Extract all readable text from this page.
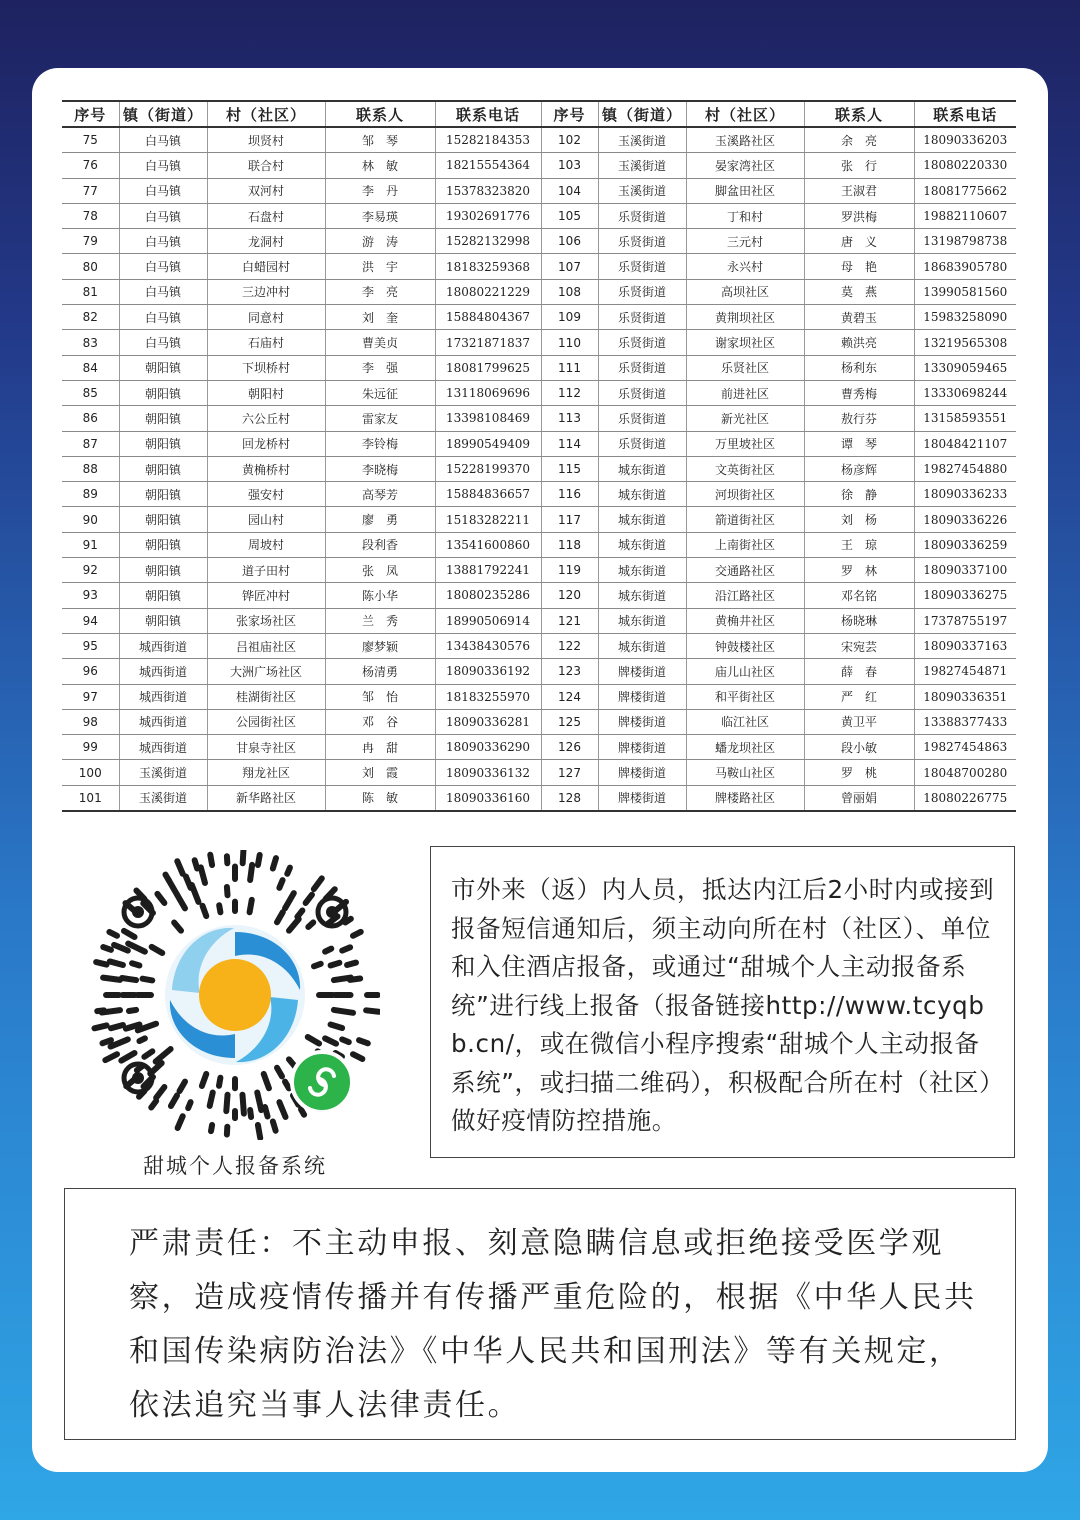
序号	镇（街道）	村（社区）	联系人	联系电话	序号	镇（街道）	村（社区）	联系人	联系电话
75	白马镇	坝贤村	邹　琴	15282184353	102	玉溪街道	玉溪路社区	余　亮	18090336203
76	白马镇	联合村	林　敏	18215554364	103	玉溪街道	晏家湾社区	张　行	18080220330
77	白马镇	双河村	李　丹	15378323820	104	玉溪街道	脚盆田社区	王淑君	18081775662
78	白马镇	石盘村	李易瑛	19302691776	105	乐贤街道	丁和村	罗洪梅	19882110607
79	白马镇	龙洞村	游　涛	15282132998	106	乐贤街道	三元村	唐　义	13198798738
80	白马镇	白蜡园村	洪　宇	18183259368	107	乐贤街道	永兴村	母　艳	18683905780
81	白马镇	三边冲村	李　亮	18080221229	108	乐贤街道	高坝社区	莫　燕	13990581560
82	白马镇	同意村	刘　奎	15884804367	109	乐贤街道	黄荆坝社区	黄碧玉	15983258090
83	白马镇	石庙村	曹美贞	17321871837	110	乐贤街道	谢家坝社区	赖洪亮	13219565308
84	朝阳镇	下坝桥村	李　强	18081799625	111	乐贤街道	乐贤社区	杨利东	13309059465
85	朝阳镇	朝阳村	朱远征	13118069696	112	乐贤街道	前进社区	曹秀梅	13330698244
86	朝阳镇	六公丘村	雷家友	13398108469	113	乐贤街道	新光社区	敖行芬	13158593551
87	朝阳镇	回龙桥村	李铃梅	18990549409	114	乐贤街道	万里坡社区	谭　琴	18048421107
88	朝阳镇	黄桷桥村	李晓梅	15228199370	115	城东街道	文英街社区	杨彦辉	19827454880
89	朝阳镇	强安村	高琴芳	15884836657	116	城东街道	河坝街社区	徐　静	18090336233
90	朝阳镇	园山村	廖　勇	15183282211	117	城东街道	箭道街社区	刘　杨	18090336226
91	朝阳镇	周坡村	段利香	13541600860	118	城东街道	上南街社区	王　琼	18090336259
92	朝阳镇	道子田村	张　凤	13881792241	119	城东街道	交通路社区	罗　林	18090337100
93	朝阳镇	铧匠冲村	陈小华	18080235286	120	城东街道	沿江路社区	邓名铭	18090336275
94	朝阳镇	张家场社区	兰　秀	18990506914	121	城东街道	黄桷井社区	杨晓琳	17378755197
95	城西街道	吕祖庙社区	廖梦颖	13438430576	122	城东街道	钟鼓楼社区	宋宛芸	18090337163
96	城西街道	大洲广场社区	杨清勇	18090336192	123	牌楼街道	庙儿山社区	薛　春	19827454871
97	城西街道	桂湖街社区	邹　怡	18183255970	124	牌楼街道	和平街社区	严　红	18090336351
98	城西街道	公园街社区	邓　谷	18090336281	125	牌楼街道	临江社区	黄卫平	13388377433
99	城西街道	甘泉寺社区	冉　甜	18090336290	126	牌楼街道	蟠龙坝社区	段小敏	19827454863
100	玉溪街道	翔龙社区	刘　霞	18090336132	127	牌楼街道	马鞍山社区	罗　桃	18048700280
101	玉溪街道	新华路社区	陈　敏	18090336160	128	牌楼街道	牌楼路社区	曾丽娟	18080226775
甜城个人报备系统
市外来（返）内人员，抵达内江后2小时内或接到报备短信通知后，须主动向所在村（社区）、单位和入住酒店报备，或通过“甜城个人主动报备系统”进行线上报备（报备链接http://www.tcyqbb.cn/，或在微信小程序搜索“甜城个人主动报备系统”，或扫描二维码），积极配合所在村（社区）做好疫情防控措施。
严肃责任：不主动申报、刻意隐瞒信息或拒绝接受医学观察，造成疫情传播并有传播严重危险的，根据《中华人民共和国传染病防治法》《中华人民共和国刑法》等有关规定，依法追究当事人法律责任。
